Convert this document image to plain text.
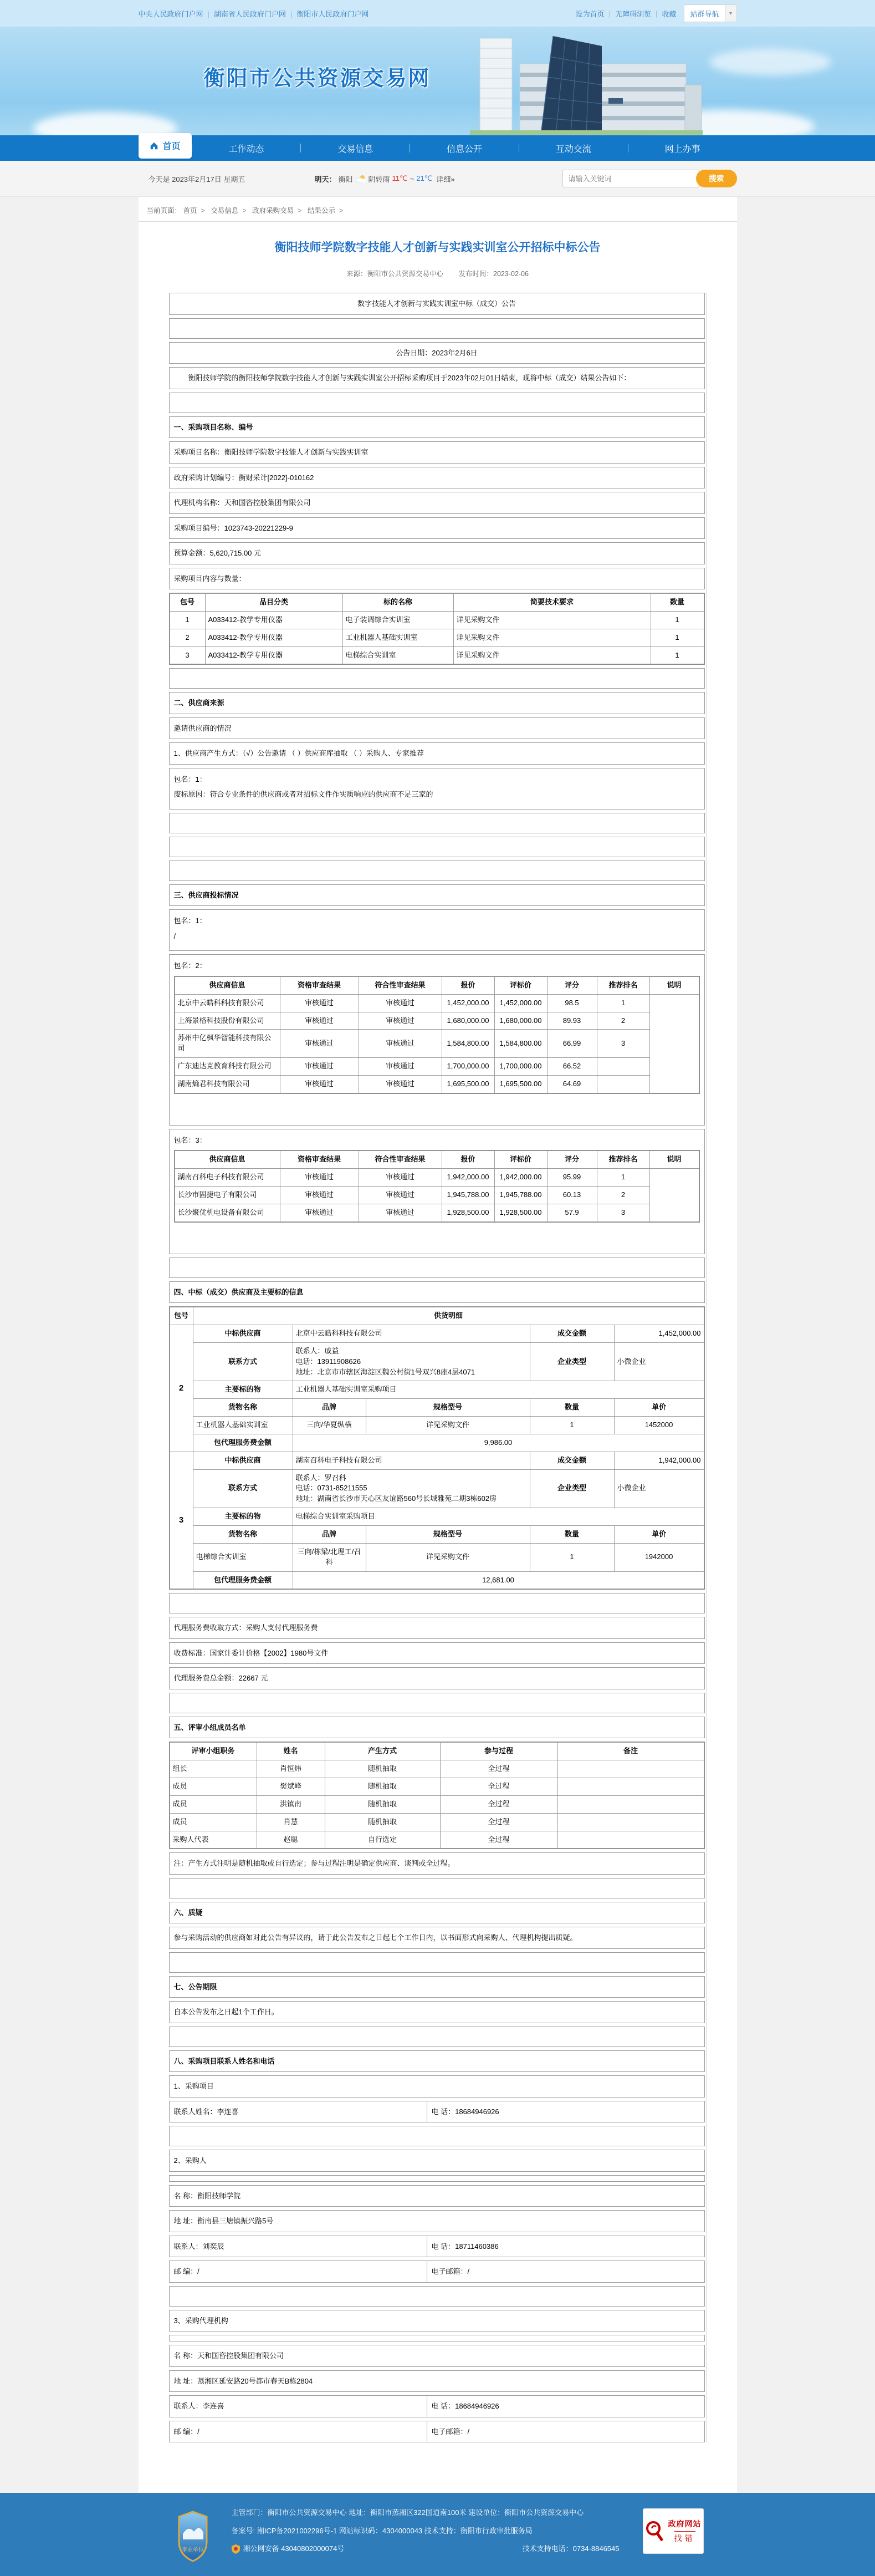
中央人民政府门户网 | 湖南省人民政府门户网 | 衡阳市人民政府门户网	设为首页 | 无障碍浏览 | 收藏	站群导航	▼
衡阳市公共资源交易网
首页	工作动态	交易信息	信息公开	互动交流	网上办事
今天是 2023年2月17日 星期五	明天： 衡阳 阴转雨 11℃ ~ 21℃ 详细»
请输入关键词	搜索
当前页面： 首页 > 交易信息 > 政府采购交易 > 结果公示 >
衡阳技师学院数字技能人才创新与实践实训室公开招标中标公告
来源：衡阳市公共资源交易中心 发布时间：2023-02-06
数字技能人才创新与实践实训室中标（成交）公告
公告日期：2023年2月6日
衡阳技师学院的衡阳技师学院数字技能人才创新与实践实训室公开招标采购项目于2023年02月01日结束，现将中标（成交）结果公告如下：
一、采购项目名称、编号
采购项目名称：衡阳技师学院数字技能人才创新与实践实训室
政府采购计划编号：衡财采计[2022]-010162
代理机构名称：天和国咨控股集团有限公司
采购项目编号：1023743-20221229-9
预算金额：5,620,715.00 元
采购项目内容与数量：
包号	品目分类	标的名称	简要技术要求	数量
1	A033412-教学专用仪器	电子装调综合实训室	详见采购文件	1
2	A033412-教学专用仪器	工业机器人基础实训室	详见采购文件	1
3	A033412-教学专用仪器	电梯综合实训室	详见采购文件	1
二、供应商来源
邀请供应商的情况
1、供应商产生方式：（√）公告邀请 （ ）供应商库抽取 （ ）采购人、专家推荐
包名：1：
废标原因：符合专业条件的供应商或者对招标文件作实质响应的供应商不足三家的
三、供应商投标情况
包名：1：
/
包名：2：
供应商信息	资格审查结果	符合性审查结果	报价	评标价	评分	推荐排名	说明
北京中云皓科科技有限公司	审核通过	审核通过	1,452,000.00	1,452,000.00	98.5	1	
上海景格科技股份有限公司	审核通过	审核通过	1,680,000.00	1,680,000.00	89.93	2	
苏州中亿枫华智能科技有限公司	审核通过	审核通过	1,584,800.00	1,584,800.00	66.99	3	
广东迪达克教育科技有限公司	审核通过	审核通过	1,700,000.00	1,700,000.00	66.52		
湖南熵君科技有限公司	审核通过	审核通过	1,695,500.00	1,695,500.00	64.69		
包名：3：
供应商信息	资格审查结果	符合性审查结果	报价	评标价	评分	推荐排名	说明
湖南召科电子科技有限公司	审核通过	审核通过	1,942,000.00	1,942,000.00	95.99	1	
长沙市固捷电子有限公司	审核通过	审核通过	1,945,788.00	1,945,788.00	60.13	2	
长沙聚优机电设备有限公司	审核通过	审核通过	1,928,500.00	1,928,500.00	57.9	3	
四、中标（成交）供应商及主要标的信息
包号	供货明细				
2	中标供应商	北京中云皓科科技有限公司		成交金额	1,452,000.00
	联系方式	联系人：戚益
电话：13911908626
地址：北京市市辖区海淀区魏公村街1号双兴8座4层4071		企业类型	小微企业
	主要标的物	工业机器人基础实训室采购项目			
	货物名称	品牌	规格型号	数量	单价
	工业机器人基础实训室	三向/华夏纵横	详见采购文件	1	1452000
	包代理服务费金额	9,986.00			
3	中标供应商	湖南召科电子科技有限公司		成交金额	1,942,000.00
	联系方式	联系人：罗召科
电话：0731-85211555
地址：湖南省长沙市天心区友谊路560号长城雅苑二期3栋602房		企业类型	小微企业
	主要标的物	电梯综合实训室采购项目			
	货物名称	品牌	规格型号	数量	单价
	电梯综合实训室	三向/栋梁/北理工/召科	详见采购文件	1	1942000
	包代理服务费金额	12,681.00			
代理服务费收取方式：采购人支付代理服务费
收费标准：国家计委计价格【2002】1980号文件
代理服务费总金额：22667 元
五、评审小组成员名单
评审小组职务	姓名	产生方式	参与过程	备注
组长	肖恒炜	随机抽取	全过程	
成员	樊斌峰	随机抽取	全过程	
成员	洪镇南	随机抽取	全过程	
成员	肖慧	随机抽取	全过程	
采购人代表	赵聪	自行选定	全过程	
注：产生方式注明是随机抽取或自行选定；参与过程注明是确定供应商、谈判或全过程。
六、质疑
参与采购活动的供应商如对此公告有异议的，请于此公告发布之日起七个工作日内，以书面形式向采购人、代理机构提出质疑。
七、公告期限
自本公告发布之日起1个工作日。
八、采购项目联系人姓名和电话
1、采购项目
联系人姓名：李连喜	电 话：18684946926
2、采购人
名 称：衡阳技师学院
地 址：衡南县三塘镇振兴路5号
联系人：刘奕辰	电 话：18711460386
邮 编：/	电子邮箱：/
3、采购代理机构
名 称：天和国咨控股集团有限公司
地 址：蒸湘区延安路20号都市春天B栋2804
联系人：李连喜	电 话：18684946926
邮 编：/	电子邮箱：/
事业单位
主管部门：衡阳市公共资源交易中心 地址：衡阳市蒸湘区322国道南100米 建设单位：衡阳市公共资源交易中心
备案号: 湘ICP备2021002296号-1 网站标识码：4304000043 技术支持：衡阳市行政审批服务局
湘公网安备 43040802000074号	技术支持电话：0734-8846545
政府网站
找错
